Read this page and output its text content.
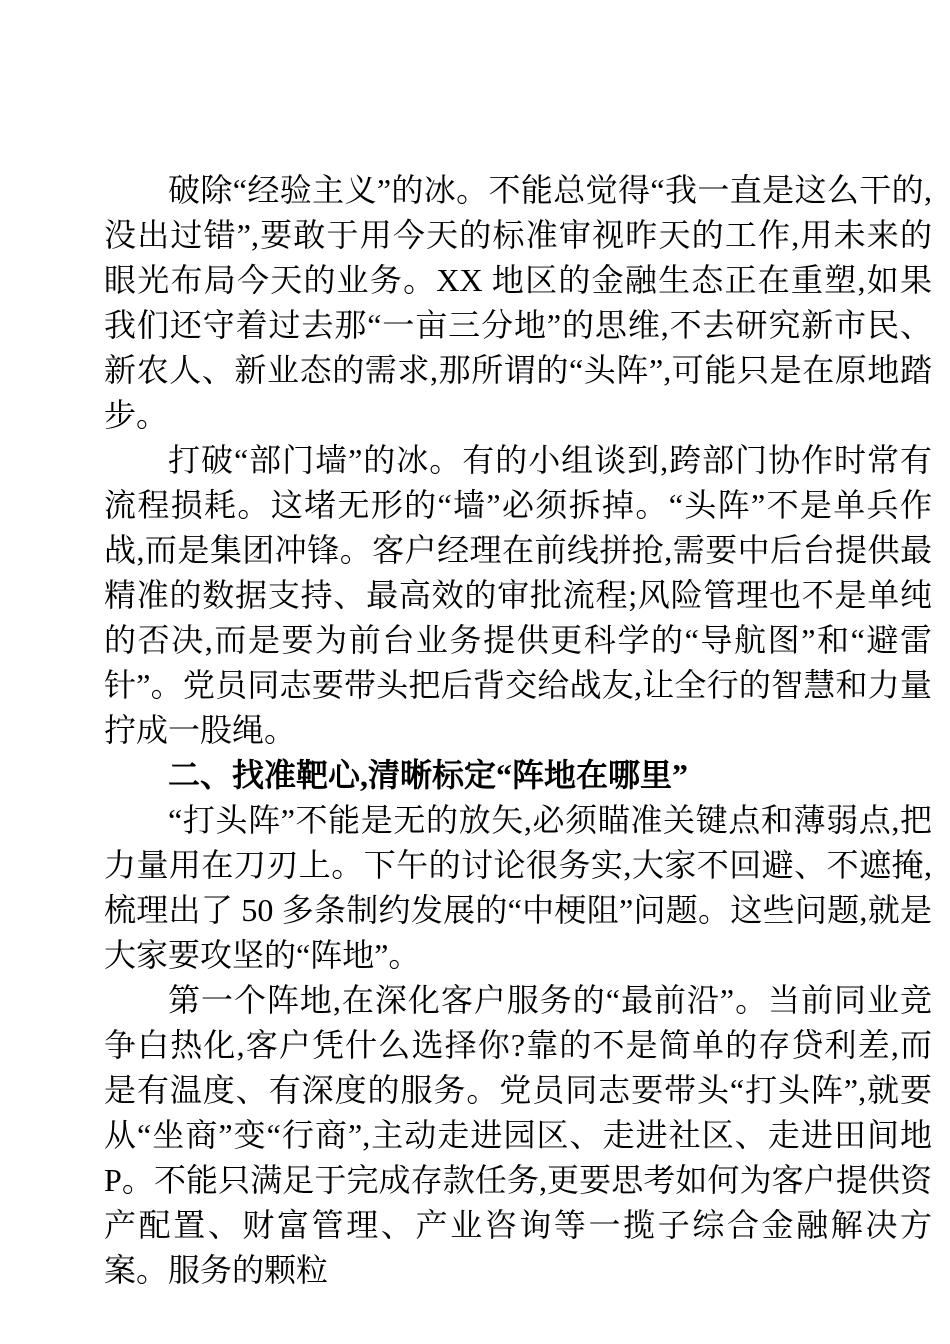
破除“经验主义”的冰。不能总觉得“我一直是这么干的,没出过错”,要敢于用今天的标准审视昨天的工作,用未来的眼光布局今天的业务。XX 地区的金融生态正在重塑,如果我们还守着过去那“一亩三分地”的思维,不去研究新市民、新农人、新业态的需求,那所谓的“头阵”,可能只是在原地踏步。

打破“部门墙”的冰。有的小组谈到,跨部门协作时常有流程损耗。这堵无形的“墙”必须拆掉。“头阵”不是单兵作战,而是集团冲锋。客户经理在前线拼抢,需要中后台提供最精准的数据支持、最高效的审批流程;风险管理也不是单纯的否决,而是要为前台业务提供更科学的“导航图”和“避雷针”。党员同志要带头把后背交给战友,让全行的智慧和力量拧成一股绳。

二、找准靶心,清晰标定“阵地在哪里”

“打头阵”不能是无的放矢,必须瞄准关键点和薄弱点,把力量用在刀刃上。下午的讨论很务实,大家不回避、不遮掩,梳理出了 50 多条制约发展的“中梗阻”问题。这些问题,就是大家要攻坚的“阵地”。

第一个阵地,在深化客户服务的“最前沿”。当前同业竞争白热化,客户凭什么选择你?靠的不是简单的存贷利差,而是有温度、有深度的服务。党员同志要带头“打头阵”,就要从“坐商”变“行商”,主动走进园区、走进社区、走进田间地 P。不能只满足于完成存款任务,更要思考如何为客户提供资产配置、财富管理、产业咨询等一揽子综合金融解决方案。服务的颗粒
